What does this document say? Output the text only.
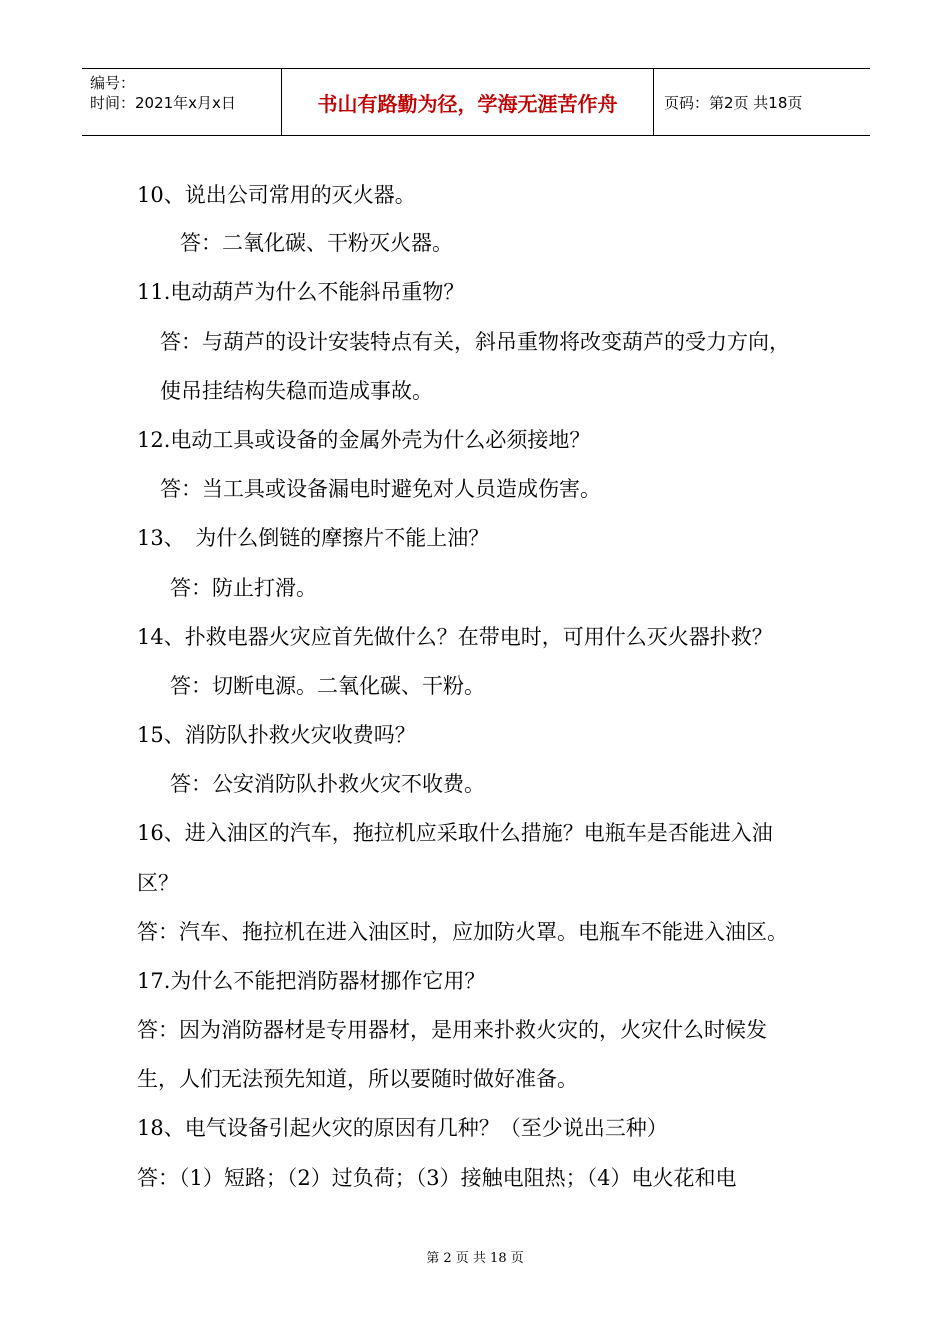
编号：
时间：2021年x月x日	书山有路勤为径，学海无涯苦作舟	页码：第2页 共18页
10、说出公司常用的灭火器。
答：二氧化碳、干粉灭火器。
11.电动葫芦为什么不能斜吊重物？
答：与葫芦的设计安装特点有关，斜吊重物将改变葫芦的受力方向，
使吊挂结构失稳而造成事故。
12.电动工具或设备的金属外壳为什么必须接地？
答：当工具或设备漏电时避免对人员造成伤害。
13、　为什么倒链的摩擦片不能上油？
答：防止打滑。
14、扑救电器火灾应首先做什么？在带电时，可用什么灭火器扑救？
答：切断电源。二氧化碳、干粉。
15、消防队扑救火灾收费吗？
答：公安消防队扑救火灾不收费。
16、进入油区的汽车，拖拉机应采取什么措施？电瓶车是否能进入油
区？
答：汽车、拖拉机在进入油区时，应加防火罩。电瓶车不能进入油区。
17.为什么不能把消防器材挪作它用？
答：因为消防器材是专用器材，是用来扑救火灾的，火灾什么时候发
生，人们无法预先知道，所以要随时做好准备。
18、电气设备引起火灾的原因有几种？（至少说出三种）
答：（1）短路；（2）过负荷；（3）接触电阻热；（4）电火花和电
第 2 页 共 18 页
